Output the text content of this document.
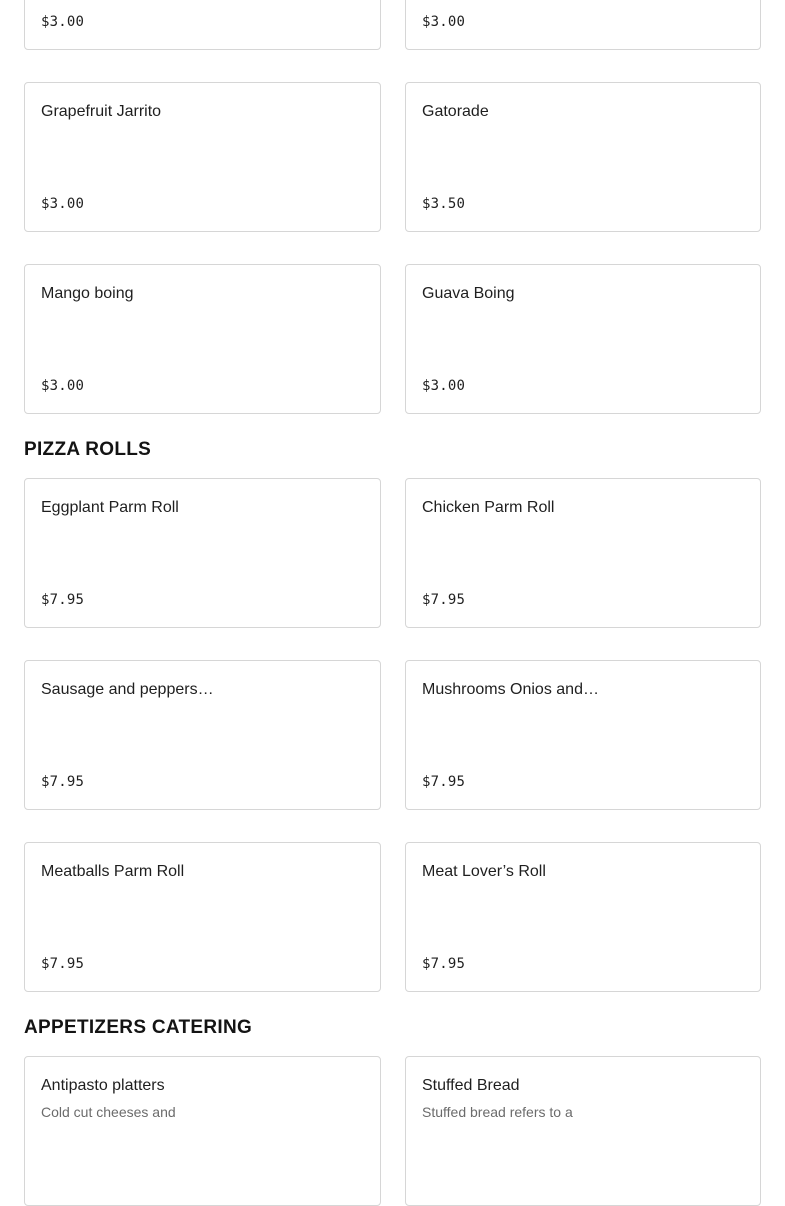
$3.00	$3.00
Grapefruit Jarrito
$3.00
Gatorade
$3.50
Mango boing
$3.00
Guava Boing
$3.00
PIZZA ROLLS
Eggplant Parm Roll
$7.95
Chicken Parm Roll
$7.95
Sausage and peppers…
$7.95
Mushrooms Onios and…
$7.95
Meatballs Parm Roll
$7.95
Meat Lover’s Roll
$7.95
APPETIZERS CATERING
Antipasto platters
Cold cut cheeses and
Stuffed Bread
Stuffed bread refers to a
